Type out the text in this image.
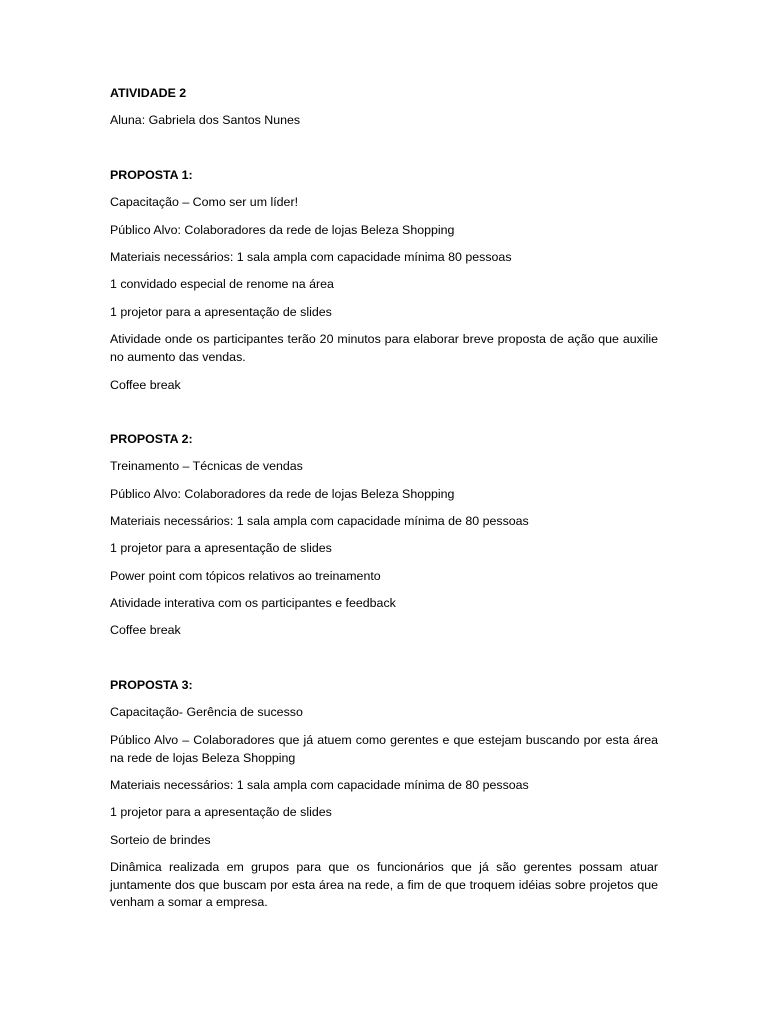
ATIVIDADE 2
Aluna: Gabriela dos Santos Nunes
PROPOSTA 1:
Capacitação – Como ser um líder!
Público Alvo: Colaboradores da rede de lojas Beleza Shopping
Materiais necessários: 1 sala ampla com capacidade mínima 80 pessoas
1 convidado especial de renome na área
1 projetor para a apresentação de slides
Atividade onde os participantes terão 20 minutos para elaborar breve proposta de ação que auxilie no aumento das vendas.
Coffee break
PROPOSTA 2:
Treinamento – Técnicas de vendas
Público Alvo: Colaboradores da rede de lojas Beleza Shopping
Materiais necessários: 1 sala ampla com capacidade mínima de 80 pessoas
1 projetor para a apresentação de slides
Power point com tópicos relativos ao treinamento
Atividade interativa com os participantes e feedback
Coffee break
PROPOSTA 3:
Capacitação- Gerência de sucesso
Público Alvo – Colaboradores que já atuem como gerentes e que estejam buscando por esta área na rede de lojas Beleza Shopping
Materiais necessários: 1 sala ampla com capacidade mínima de 80 pessoas
1 projetor para a apresentação de slides
Sorteio de brindes
Dinâmica realizada em grupos para que os funcionários que já são gerentes possam atuar juntamente dos que buscam por esta área na rede, a fim de que troquem idéias sobre projetos que venham a somar a empresa.
